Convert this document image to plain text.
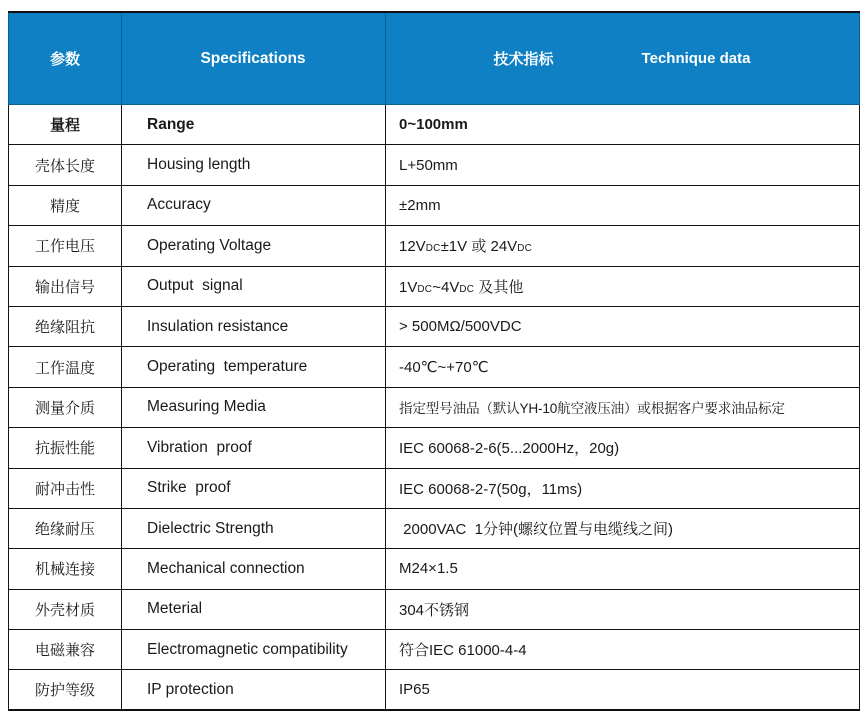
参数	Specifications	技术指标 Technique data

量程	Range	0~100mm
壳体长度	Housing length	L+50mm
精度	Accuracy	±2mm
工作电压	Operating Voltage	12VDC±1V 或 24VDC
输出信号	Output  signal	1VDC~4VDC 及其他
绝缘阻抗	Insulation resistance	> 500MΩ/500VDC
工作温度	Operating  temperature	-40℃~+70℃
测量介质	Measuring Media	指定型号油品（默认YH-10航空液压油）或根据客户要求油品标定
抗振性能	Vibration  proof	IEC 60068-2-6(5...2000Hz，20g)
耐冲击性	Strike  proof	IEC 60068-2-7(50g，11ms)
绝缘耐压	Dielectric Strength	2000VAC  1分钟(螺纹位置与电缆线之间)
机械连接	Mechanical connection	M24×1.5
外壳材质	Meterial	304不锈钢
电磁兼容	Electromagnetic compatibility	符合IEC 61000-4-4
防护等级	IP protection	IP65
